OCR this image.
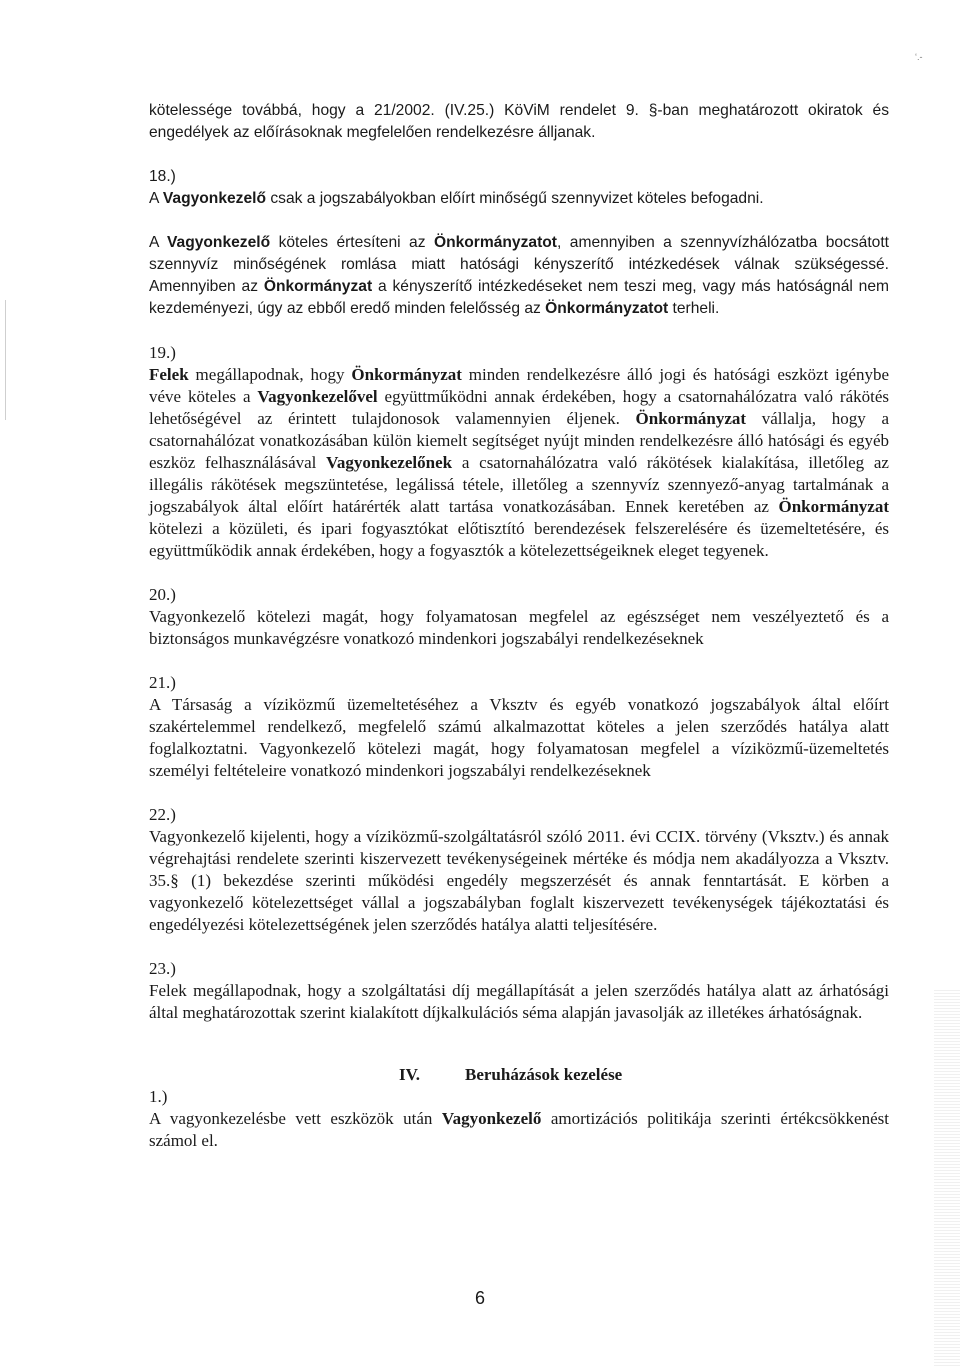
‘.-

kötelessége továbbá, hogy a 21/2002. (IV.25.) KöViM rendelet 9. §-ban meghatározott okiratok és engedélyek az előírásoknak megfelelően rendelkezésre álljanak.

18.)

A Vagyonkezelő csak a jogszabályokban előírt minőségű szennyvizet köteles befogadni.

A Vagyonkezelő köteles értesíteni az Önkormányzatot, amennyiben a szennyvízhálózatba bocsátott szennyvíz minőségének romlása miatt hatósági kényszerítő intézkedések válnak szükségessé. Amennyiben az Önkormányzat a kényszerítő intézkedéseket nem teszi meg, vagy más hatóságnál nem kezdeményezi, úgy az ebből eredő minden felelősség az Önkormányzatot terheli.

19.)

Felek megállapodnak, hogy Önkormányzat minden rendelkezésre álló jogi és hatósági eszközt igénybe véve köteles a Vagyonkezelővel együttműködni annak érdekében, hogy a csatornahálózatra való rákötés lehetőségével az érintett tulajdonosok valamennyien éljenek. Önkormányzat vállalja, hogy a csatornahálózat vonatkozásában külön kiemelt segítséget nyújt minden rendelkezésre álló hatósági és egyéb eszköz felhasználásával Vagyonkezelőnek a csatornahálózatra való rákötések kialakítása, illetőleg az illegális rákötések megszüntetése, legálissá tétele, illetőleg a szennyvíz szennyező-anyag tartalmának a jogszabályok által előírt határérték alatt tartása vonatkozásában. Ennek keretében az Önkormányzat kötelezi a közületi, és ipari fogyasztókat előtisztító berendezések felszerelésére és üzemeltetésére, és együttműködik annak érdekében, hogy a fogyasztók a kötelezettségeiknek eleget tegyenek.

20.)

Vagyonkezelő kötelezi magát, hogy folyamatosan megfelel az egészséget nem veszélyeztető és a biztonságos munkavégzésre vonatkozó mindenkori jogszabályi rendelkezéseknek

21.)

A Társaság a víziközmű üzemeltetéséhez a Vksztv és egyéb vonatkozó jogszabályok által előírt szakértelemmel rendelkező, megfelelő számú alkalmazottat köteles a jelen szerződés hatálya alatt foglalkoztatni. Vagyonkezelő kötelezi magát, hogy folyamatosan megfelel a víziközmű-üzemeltetés személyi feltételeire vonatkozó mindenkori jogszabályi rendelkezéseknek

22.)

Vagyonkezelő kijelenti, hogy a víziközmű-szolgáltatásról szóló 2011. évi CCIX. törvény (Vksztv.) és annak végrehajtási rendelete szerinti kiszervezett tevékenységeinek mértéke és módja nem akadályozza a Vksztv. 35.§ (1) bekezdése szerinti működési engedély megszerzését és annak fenntartását. E körben a vagyonkezelő kötelezettséget vállal a jogszabályban foglalt kiszervezett tevékenységek tájékoztatási és engedélyezési kötelezettségének jelen szerződés hatálya alatti teljesítésére.

23.)

Felek megállapodnak, hogy a szolgáltatási díj megállapítását a jelen szerződés hatálya alatt az árhatósági által meghatározottak szerint kialakított díjkalkulációs séma alapján javasolják az illetékes árhatóságnak.

IV.	Beruházások kezelése

1.)

A vagyonkezelésbe vett eszközök után Vagyonkezelő amortizációs politikája szerinti értékcsökkenést számol el.

6
